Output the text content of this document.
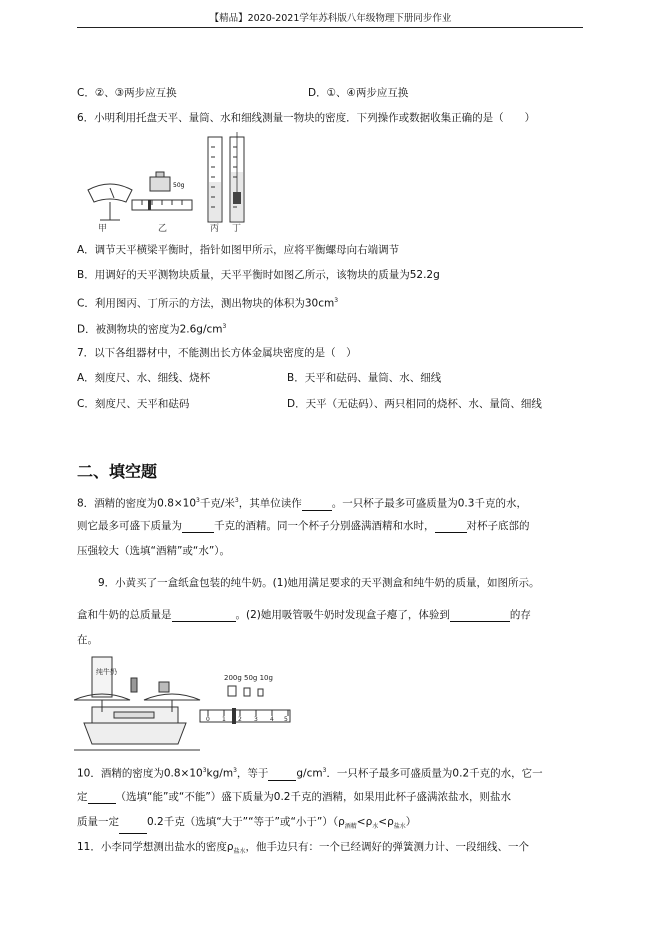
【精品】2020-2021学年苏科版八年级物理下册同步作业
C．②、③两步应互换	D．①、④两步应互换
6．小明利用托盘天平、量筒、水和细线测量一物块的密度．下列操作或数据收集正确的是（　　）
50g
甲	乙	丙 丁
A．调节天平横梁平衡时，指针如图甲所示，应将平衡螺母向右端调节
B．用调好的天平测物块质量，天平平衡时如图乙所示，该物块的质量为52.2g
C．利用图丙、丁所示的方法，测出物块的体积为$30cm^3$
D．被测物块的密度为$2.6g/cm^3$
7．以下各组器材中，不能测出长方体金属块密度的是（　）
A．刻度尺、水、细线、烧杯	B．天平和砝码、量筒、水、细线
C．刻度尺、天平和砝码	D．天平（无砝码）、两只相同的烧杯、水、量筒、细线
二、填空题
8．酒精的密度为$0.8\times 10^3$千克/米$^3$，其单位读作	。一只杯子最多可盛质量为0.3千克的水，
则它最多可盛下质量为	千克的酒精。同一个杯子分别盛满酒精和水时，	对杯子底部的
压强较大（选填“酒精”或“水”）。
9．小黄买了一盒纸盒包装的纯牛奶。(1)她用满足要求的天平测盒和纯牛奶的质量，如图所示。
盒和牛奶的总质量是	。(2)她用吸管吸牛奶时发现盒子瘪了，体验到	的存
在。
纯牛奶
200g 50g 10g
0 1 2 3 4 5
10．酒精的密度为$0.8\times 10^3kg/m^3$，等于	$g/cm^3$．一只杯子最多可盛质量为0.2千克的水，它一
定	（选填“能”或“不能”）盛下质量为0.2千克的酒精，如果用此杯子盛满浓盐水，则盐水
质量一定	0.2千克（选填“大于”“等于”或“小于$”)(\rho_{酒精}<\rho_水<\rho_{盐水})$
11．小李同学想测出盐水的密度$\rho_{盐水}$，他手边只有：一个已经调好的弹簧测力计、一段细线、一个
